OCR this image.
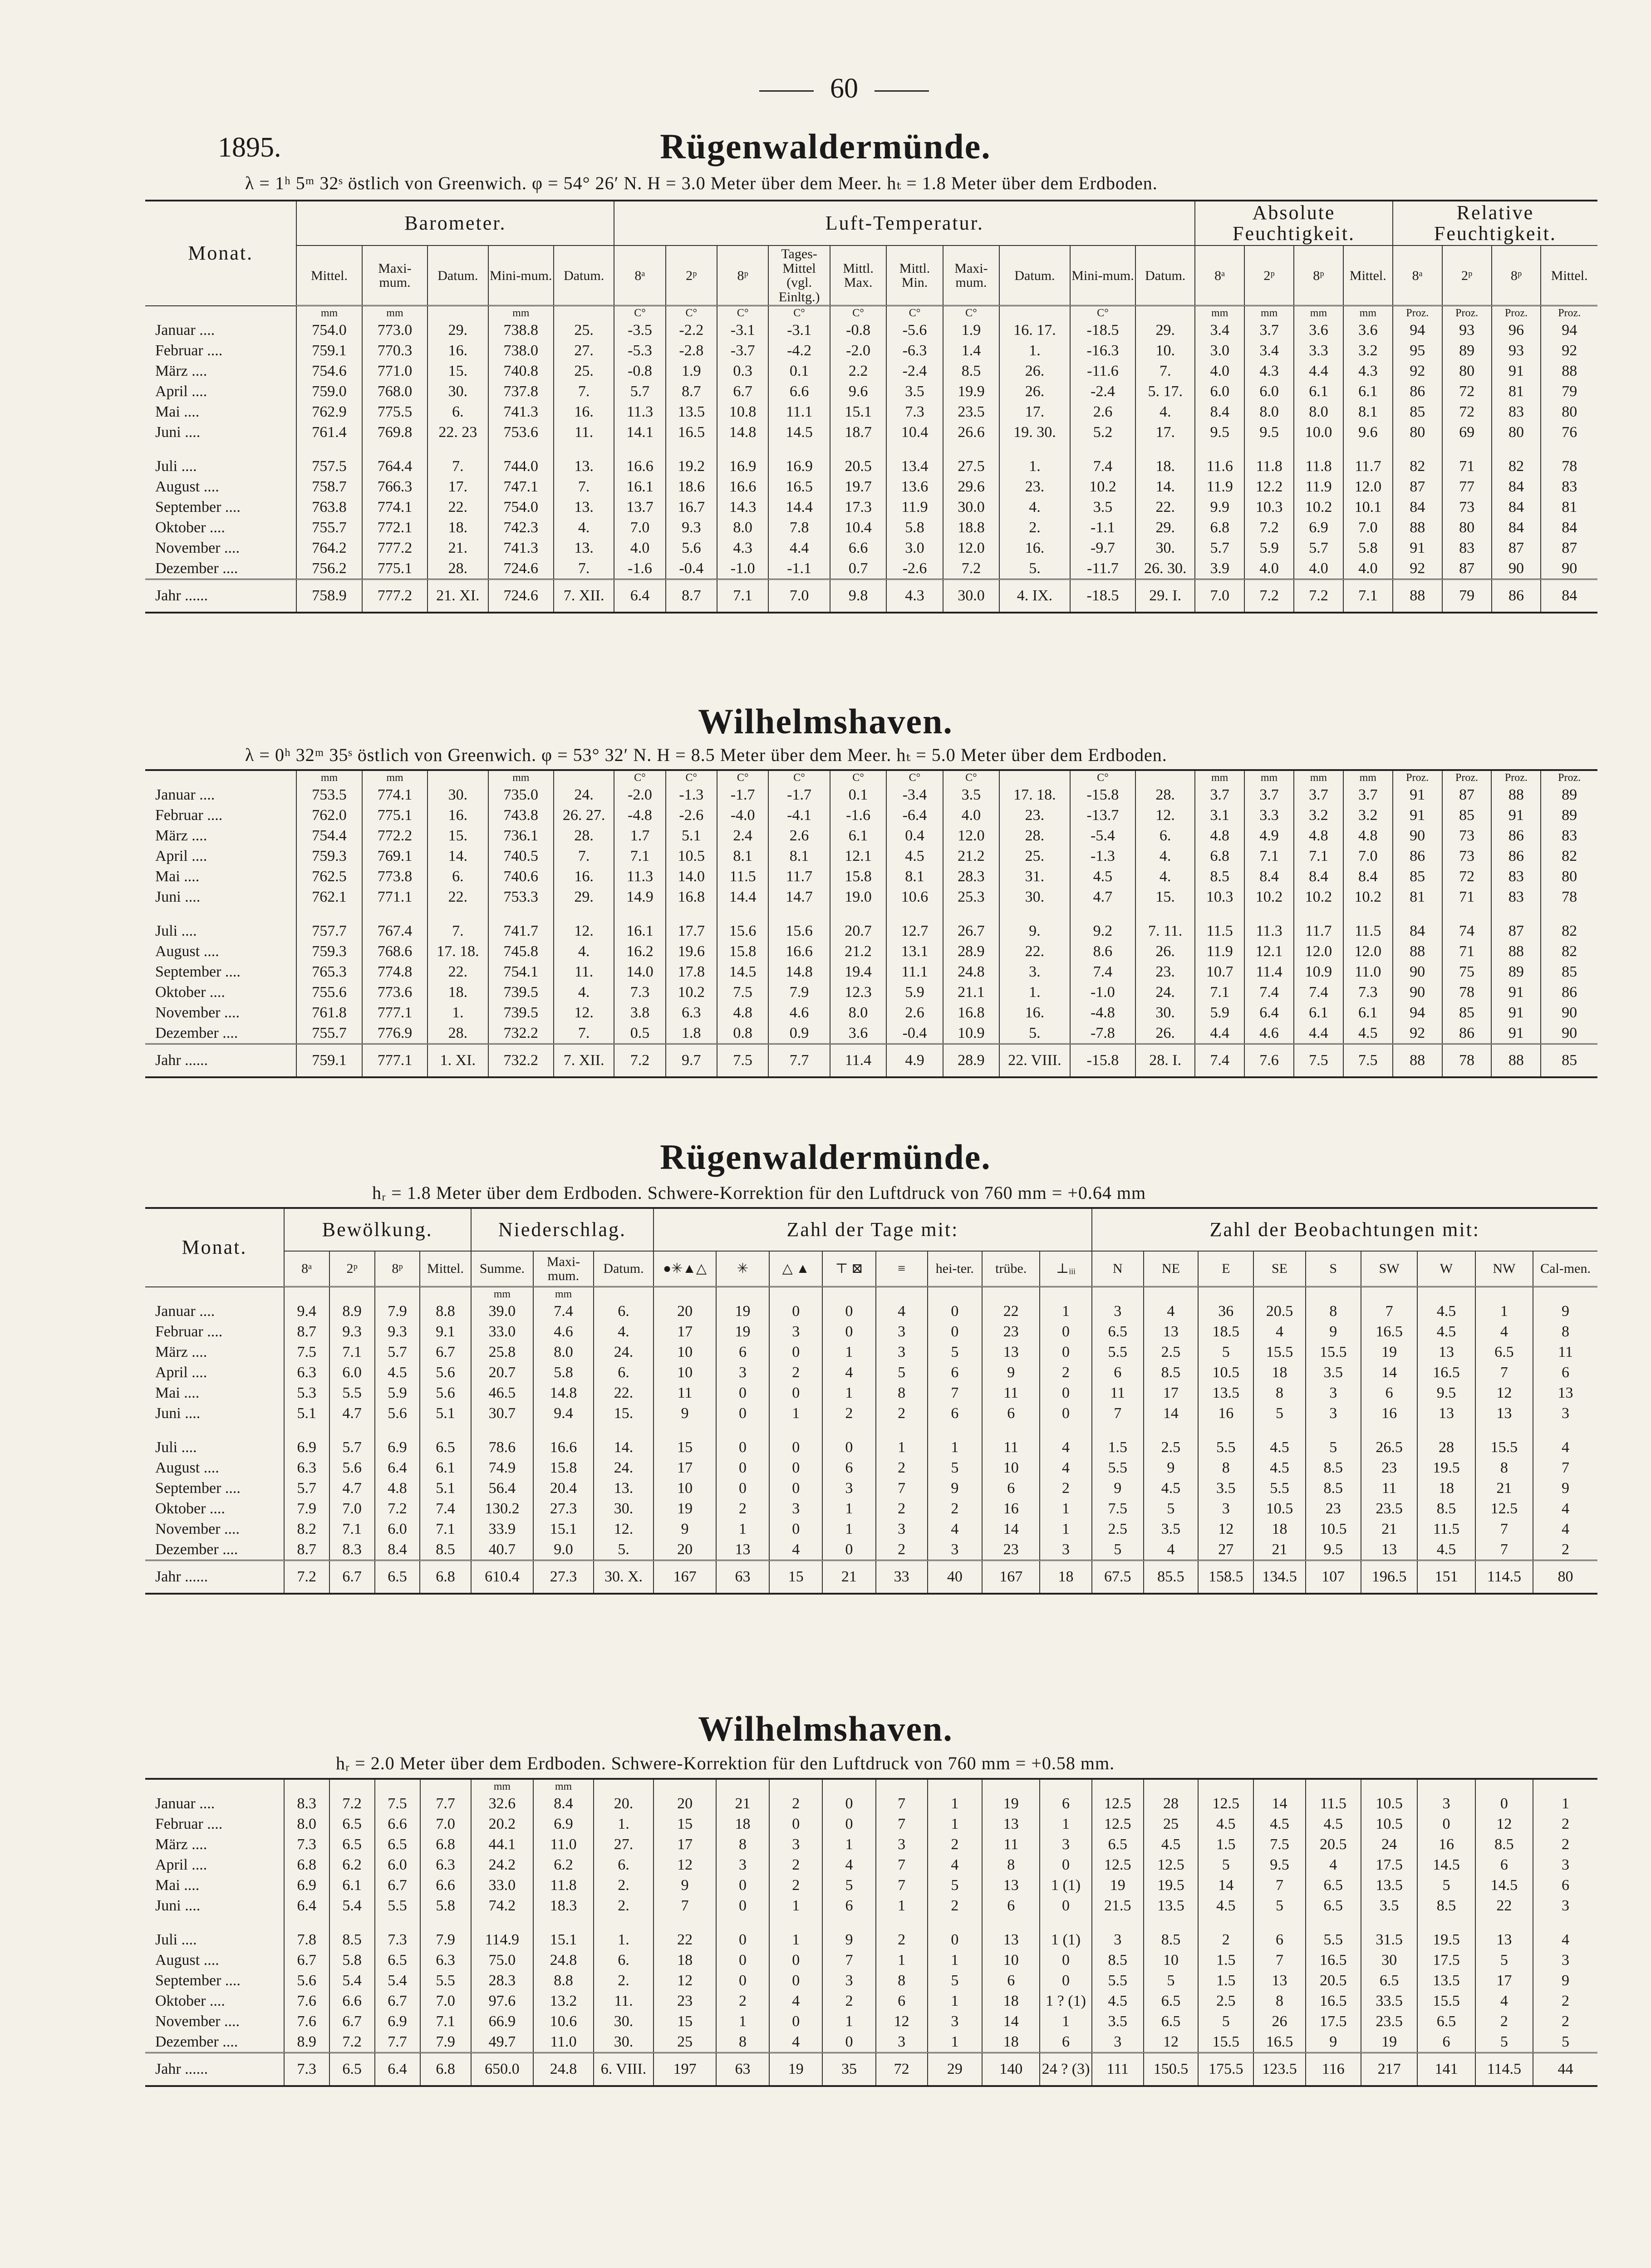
60
1895.	Rügenwaldermünde.
λ = 1ʰ 5ᵐ 32ˢ östlich von Greenwich. φ = 54° 26′ N. H = 3.0 Meter über dem Meer. hₜ = 1.8 Meter über dem Erdboden.
Monat.	Barometer.					Luft-Temperatur.										Absolute Feuchtigkeit.				Relative Feuchtigkeit.			
	Mittel.	Maxi-mum.	Datum.	Mini-mum.	Datum.	8ᵃ	2ᵖ	8ᵖ	Tages-Mittel (vgl. Einltg.)	Mittl. Max.	Mittl. Min.	Maxi-mum.	Datum.	Mini-mum.	Datum.	8ᵃ	2ᵖ	8ᵖ	Mittel.	8ᵃ	2ᵖ	8ᵖ	Mittel.
	mm	mm		mm		C°	C°	C°	C°	C°	C°	C°		C°		mm	mm	mm	mm	Proz.	Proz.	Proz.	Proz.
Januar ....	754.0	773.0	29.	738.8	25.	-3.5	-2.2	-3.1	-3.1	-0.8	-5.6	1.9	16. 17.	-18.5	29.	3.4	3.7	3.6	3.6	94	93	96	94
Februar ....	759.1	770.3	16.	738.0	27.	-5.3	-2.8	-3.7	-4.2	-2.0	-6.3	1.4	1.	-16.3	10.	3.0	3.4	3.3	3.2	95	89	93	92
März ....	754.6	771.0	15.	740.8	25.	-0.8	1.9	0.3	0.1	2.2	-2.4	8.5	26.	-11.6	7.	4.0	4.3	4.4	4.3	92	80	91	88
April ....	759.0	768.0	30.	737.8	7.	5.7	8.7	6.7	6.6	9.6	3.5	19.9	26.	-2.4	5. 17.	6.0	6.0	6.1	6.1	86	72	81	79
Mai ....	762.9	775.5	6.	741.3	16.	11.3	13.5	10.8	11.1	15.1	7.3	23.5	17.	2.6	4.	8.4	8.0	8.0	8.1	85	72	83	80
Juni ....	761.4	769.8	22. 23	753.6	11.	14.1	16.5	14.8	14.5	18.7	10.4	26.6	19. 30.	5.2	17.	9.5	9.5	10.0	9.6	80	69	80	76

Juli ....	757.5	764.4	7.	744.0	13.	16.6	19.2	16.9	16.9	20.5	13.4	27.5	1.	7.4	18.	11.6	11.8	11.8	11.7	82	71	82	78
August ....	758.7	766.3	17.	747.1	7.	16.1	18.6	16.6	16.5	19.7	13.6	29.6	23.	10.2	14.	11.9	12.2	11.9	12.0	87	77	84	83
September ....	763.8	774.1	22.	754.0	13.	13.7	16.7	14.3	14.4	17.3	11.9	30.0	4.	3.5	22.	9.9	10.3	10.2	10.1	84	73	84	81
Oktober ....	755.7	772.1	18.	742.3	4.	7.0	9.3	8.0	7.8	10.4	5.8	18.8	2.	-1.1	29.	6.8	7.2	6.9	7.0	88	80	84	84
November ....	764.2	777.2	21.	741.3	13.	4.0	5.6	4.3	4.4	6.6	3.0	12.0	16.	-9.7	30.	5.7	5.9	5.7	5.8	91	83	87	87
Dezember ....	756.2	775.1	28.	724.6	7.	-1.6	-0.4	-1.0	-1.1	0.7	-2.6	7.2	5.	-11.7	26. 30.	3.9	4.0	4.0	4.0	92	87	90	90
Jahr ......	758.9	777.2	21. XI.	724.6	7. XII.	6.4	8.7	7.1	7.0	9.8	4.3	30.0	4. IX.	-18.5	29. I.	7.0	7.2	7.2	7.1	88	79	86	84
Wilhelmshaven.
λ = 0ʰ 32ᵐ 35ˢ östlich von Greenwich. φ = 53° 32′ N. H = 8.5 Meter über dem Meer. hₜ = 5.0 Meter über dem Erdboden.
	mm	mm		mm		C°	C°	C°	C°	C°	C°	C°		C°		mm	mm	mm	mm	Proz.	Proz.	Proz.	Proz.
Januar ....	753.5	774.1	30.	735.0	24.	-2.0	-1.3	-1.7	-1.7	0.1	-3.4	3.5	17. 18.	-15.8	28.	3.7	3.7	3.7	3.7	91	87	88	89
Februar ....	762.0	775.1	16.	743.8	26. 27.	-4.8	-2.6	-4.0	-4.1	-1.6	-6.4	4.0	23.	-13.7	12.	3.1	3.3	3.2	3.2	91	85	91	89
März ....	754.4	772.2	15.	736.1	28.	1.7	5.1	2.4	2.6	6.1	0.4	12.0	28.	-5.4	6.	4.8	4.9	4.8	4.8	90	73	86	83
April ....	759.3	769.1	14.	740.5	7.	7.1	10.5	8.1	8.1	12.1	4.5	21.2	25.	-1.3	4.	6.8	7.1	7.1	7.0	86	73	86	82
Mai ....	762.5	773.8	6.	740.6	16.	11.3	14.0	11.5	11.7	15.8	8.1	28.3	31.	4.5	4.	8.5	8.4	8.4	8.4	85	72	83	80
Juni ....	762.1	771.1	22.	753.3	29.	14.9	16.8	14.4	14.7	19.0	10.6	25.3	30.	4.7	15.	10.3	10.2	10.2	10.2	81	71	83	78

Juli ....	757.7	767.4	7.	741.7	12.	16.1	17.7	15.6	15.6	20.7	12.7	26.7	9.	9.2	7. 11.	11.5	11.3	11.7	11.5	84	74	87	82
August ....	759.3	768.6	17. 18.	745.8	4.	16.2	19.6	15.8	16.6	21.2	13.1	28.9	22.	8.6	26.	11.9	12.1	12.0	12.0	88	71	88	82
September ....	765.3	774.8	22.	754.1	11.	14.0	17.8	14.5	14.8	19.4	11.1	24.8	3.	7.4	23.	10.7	11.4	10.9	11.0	90	75	89	85
Oktober ....	755.6	773.6	18.	739.5	4.	7.3	10.2	7.5	7.9	12.3	5.9	21.1	1.	-1.0	24.	7.1	7.4	7.4	7.3	90	78	91	86
November ....	761.8	777.1	1.	739.5	12.	3.8	6.3	4.8	4.6	8.0	2.6	16.8	16.	-4.8	30.	5.9	6.4	6.1	6.1	94	85	91	90
Dezember ....	755.7	776.9	28.	732.2	7.	0.5	1.8	0.8	0.9	3.6	-0.4	10.9	5.	-7.8	26.	4.4	4.6	4.4	4.5	92	86	91	90
Jahr ......	759.1	777.1	1. XI.	732.2	7. XII.	7.2	9.7	7.5	7.7	11.4	4.9	28.9	22. VIII.	-15.8	28. I.	7.4	7.6	7.5	7.5	88	78	88	85
Rügenwaldermünde.
hᵣ = 1.8 Meter über dem Erdboden. Schwere-Korrektion für den Luftdruck von 760 mm = +0.64 mm
Monat.	Bewölkung.				Niederschlag.			Zahl der Tage mit:								Zahl der Beobachtungen mit:								
	8ᵃ	2ᵖ	8ᵖ	Mittel.	Summe.	Maxi-mum.	Datum.	●✳▲△	✳	△ ▲	⊤ ⊠	≡	hei-ter.	trübe.	⊥ᵢᵢᵢ	N	NE	E	SE	S	SW	W	NW	Cal-men.
					mm	mm																		
Januar ....	9.4	8.9	7.9	8.8	39.0	7.4	6.	20	19	0	0	4	0	22	1	3	4	36	20.5	8	7	4.5	1	9
Februar ....	8.7	9.3	9.3	9.1	33.0	4.6	4.	17	19	3	0	3	0	23	0	6.5	13	18.5	4	9	16.5	4.5	4	8
März ....	7.5	7.1	5.7	6.7	25.8	8.0	24.	10	6	0	1	3	5	13	0	5.5	2.5	5	15.5	15.5	19	13	6.5	11
April ....	6.3	6.0	4.5	5.6	20.7	5.8	6.	10	3	2	4	5	6	9	2	6	8.5	10.5	18	3.5	14	16.5	7	6
Mai ....	5.3	5.5	5.9	5.6	46.5	14.8	22.	11	0	0	1	8	7	11	0	11	17	13.5	8	3	6	9.5	12	13
Juni ....	5.1	4.7	5.6	5.1	30.7	9.4	15.	9	0	1	2	2	6	6	0	7	14	16	5	3	16	13	13	3

Juli ....	6.9	5.7	6.9	6.5	78.6	16.6	14.	15	0	0	0	1	1	11	4	1.5	2.5	5.5	4.5	5	26.5	28	15.5	4
August ....	6.3	5.6	6.4	6.1	74.9	15.8	24.	17	0	0	6	2	5	10	4	5.5	9	8	4.5	8.5	23	19.5	8	7
September ....	5.7	4.7	4.8	5.1	56.4	20.4	13.	10	0	0	3	7	9	6	2	9	4.5	3.5	5.5	8.5	11	18	21	9
Oktober ....	7.9	7.0	7.2	7.4	130.2	27.3	30.	19	2	3	1	2	2	16	1	7.5	5	3	10.5	23	23.5	8.5	12.5	4
November ....	8.2	7.1	6.0	7.1	33.9	15.1	12.	9	1	0	1	3	4	14	1	2.5	3.5	12	18	10.5	21	11.5	7	4
Dezember ....	8.7	8.3	8.4	8.5	40.7	9.0	5.	20	13	4	0	2	3	23	3	5	4	27	21	9.5	13	4.5	7	2
Jahr ......	7.2	6.7	6.5	6.8	610.4	27.3	30. X.	167	63	15	21	33	40	167	18	67.5	85.5	158.5	134.5	107	196.5	151	114.5	80
Wilhelmshaven.
hᵣ = 2.0 Meter über dem Erdboden. Schwere-Korrektion für den Luftdruck von 760 mm = +0.58 mm.
					mm	mm																		
Januar ....	8.3	7.2	7.5	7.7	32.6	8.4	20.	20	21	2	0	7	1	19	6	12.5	28	12.5	14	11.5	10.5	3	0	1
Februar ....	8.0	6.5	6.6	7.0	20.2	6.9	1.	15	18	0	0	7	1	13	1	12.5	25	4.5	4.5	4.5	10.5	0	12	2
März ....	7.3	6.5	6.5	6.8	44.1	11.0	27.	17	8	3	1	3	2	11	3	6.5	4.5	1.5	7.5	20.5	24	16	8.5	2
April ....	6.8	6.2	6.0	6.3	24.2	6.2	6.	12	3	2	4	7	4	8	0	12.5	12.5	5	9.5	4	17.5	14.5	6	3
Mai ....	6.9	6.1	6.7	6.6	33.0	11.8	2.	9	0	2	5	7	5	13	1 (1)	19	19.5	14	7	6.5	13.5	5	14.5	6
Juni ....	6.4	5.4	5.5	5.8	74.2	18.3	2.	7	0	1	6	1	2	6	0	21.5	13.5	4.5	5	6.5	3.5	8.5	22	3

Juli ....	7.8	8.5	7.3	7.9	114.9	15.1	1.	22	0	1	9	2	0	13	1 (1)	3	8.5	2	6	5.5	31.5	19.5	13	4
August ....	6.7	5.8	6.5	6.3	75.0	24.8	6.	18	0	0	7	1	1	10	0	8.5	10	1.5	7	16.5	30	17.5	5	3
September ....	5.6	5.4	5.4	5.5	28.3	8.8	2.	12	0	0	3	8	5	6	0	5.5	5	1.5	13	20.5	6.5	13.5	17	9
Oktober ....	7.6	6.6	6.7	7.0	97.6	13.2	11.	23	2	4	2	6	1	18	1 ? (1)	4.5	6.5	2.5	8	16.5	33.5	15.5	4	2
November ....	7.6	6.7	6.9	7.1	66.9	10.6	30.	15	1	0	1	12	3	14	1	3.5	6.5	5	26	17.5	23.5	6.5	2	2
Dezember ....	8.9	7.2	7.7	7.9	49.7	11.0	30.	25	8	4	0	3	1	18	6	3	12	15.5	16.5	9	19	6	5	5
Jahr ......	7.3	6.5	6.4	6.8	650.0	24.8	6. VIII.	197	63	19	35	72	29	140	24 ? (3)	111	150.5	175.5	123.5	116	217	141	114.5	44
